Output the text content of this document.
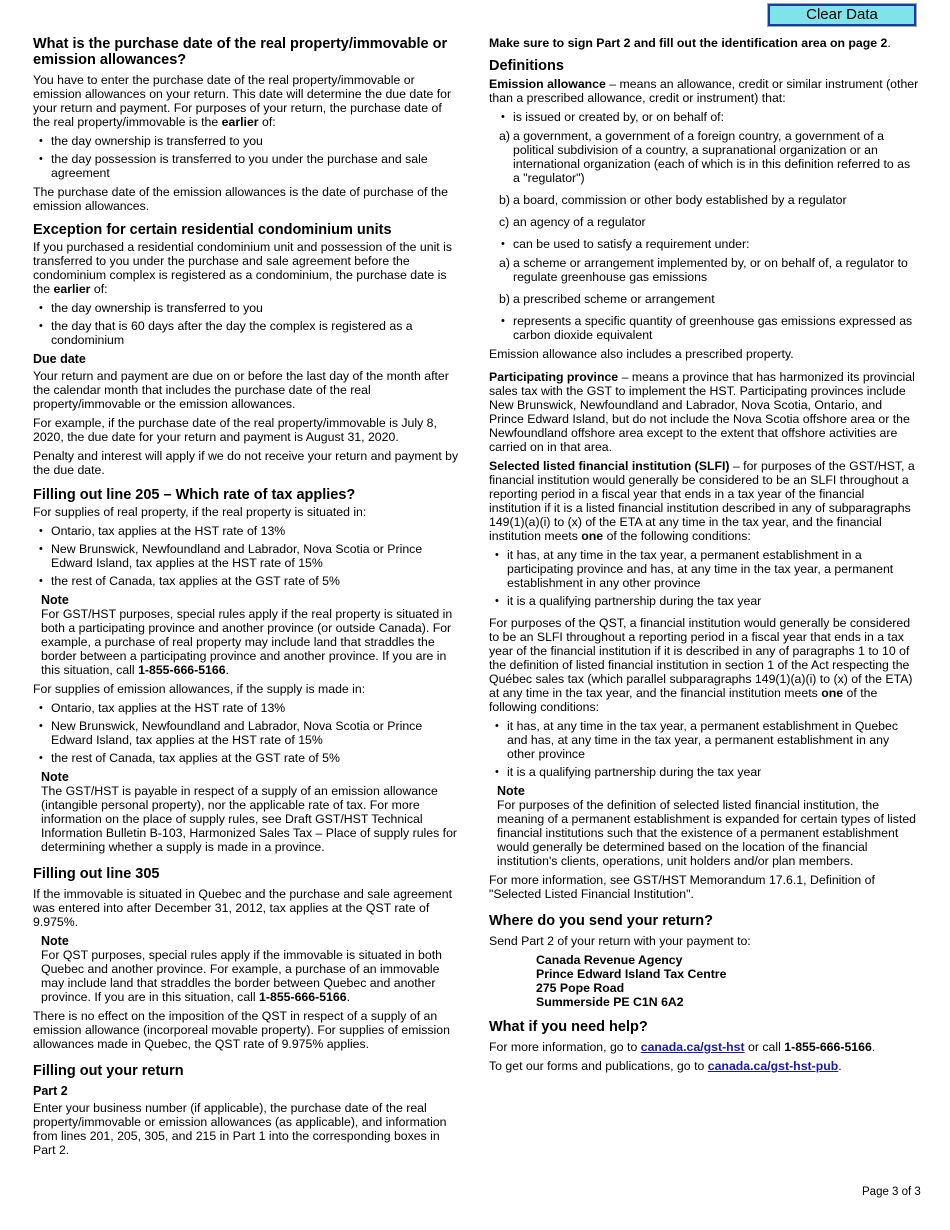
Clear Data
What is the purchase date of the real property/immovable or emission allowances?

You have to enter the purchase date of the real property/immovable or emission allowances on your return. This date will determine the due date for your return and payment. For purposes of your return, the purchase date of the real property/immovable is the earlier of:

• the day ownership is transferred to you
• the day possession is transferred to you under the purchase and sale agreement

The purchase date of the emission allowances is the date of purchase of the emission allowances.

Exception for certain residential condominium units

If you purchased a residential condominium unit and possession of the unit is transferred to you under the purchase and sale agreement before the condominium complex is registered as a condominium, the purchase date is the earlier of:

• the day ownership is transferred to you
• the day that is 60 days after the day the complex is registered as a condominium
Due date

Your return and payment are due on or before the last day of the month after the calendar month that includes the purchase date of the real property/immovable or the emission allowances.

For example, if the purchase date of the real property/immovable is July 8, 2020, the due date for your return and payment is August 31, 2020.

Penalty and interest will apply if we do not receive your return and payment by the due date.

Filling out line 205 – Which rate of tax applies?

For supplies of real property, if the real property is situated in:

• Ontario, tax applies at the HST rate of 13%
• New Brunswick, Newfoundland and Labrador, Nova Scotia or Prince Edward Island, tax applies at the HST rate of 15%
• the rest of Canada, tax applies at the GST rate of 5%
Note
For GST/HST purposes, special rules apply if the real property is situated in both a participating province and another province (or outside Canada). For example, a purchase of real property may include land that straddles the border between a participating province and another province. If you are in this situation, call 1-855-666-5166.

For supplies of emission allowances, if the supply is made in:

• Ontario, tax applies at the HST rate of 13%
• New Brunswick, Newfoundland and Labrador, Nova Scotia or Prince Edward Island, tax applies at the HST rate of 15%
• the rest of Canada, tax applies at the GST rate of 5%
Note
The GST/HST is payable in respect of a supply of an emission allowance (intangible personal property), nor the applicable rate of tax. For more information on the place of supply rules, see Draft GST/HST Technical Information Bulletin B-103, Harmonized Sales Tax – Place of supply rules for determining whether a supply is made in a province.
Filling out line 305

If the immovable is situated in Quebec and the purchase and sale agreement was entered into after December 31, 2012, tax applies at the QST rate of 9.975%.

Note
For QST purposes, special rules apply if the immovable is situated in both Quebec and another province. For example, a purchase of an immovable may include land that straddles the border between Quebec and another province. If you are in this situation, call 1-855-666-5166.

There is no effect on the imposition of the QST in respect of a supply of an emission allowance (incorporeal movable property). For supplies of emission allowances made in Quebec, the QST rate of 9.975% applies.

Filling out your return
Part 2

Enter your business number (if applicable), the purchase date of the real property/immovable or emission allowances (as applicable), and information from lines 201, 205, 305, and 215 in Part 1 into the corresponding boxes in Part 2.

Make sure to sign Part 2 and fill out the identification area on page 2.

Definitions

Emission allowance – means an allowance, credit or similar instrument (other than a prescribed allowance, credit or instrument) that:

• is issued or created by, or on behalf of:
a) a government, a government of a foreign country, a government of a political subdivision of a country, a supranational organization or an international organization (each of which is in this definition referred to as a "regulator")
b) a board, commission or other body established by a regulator
c) an agency of a regulator
• can be used to satisfy a requirement under:
a) a scheme or arrangement implemented by, or on behalf of, a regulator to regulate greenhouse gas emissions
b) a prescribed scheme or arrangement
• represents a specific quantity of greenhouse gas emissions expressed as carbon dioxide equivalent

Emission allowance also includes a prescribed property.

Participating province – means a province that has harmonized its provincial sales tax with the GST to implement the HST. Participating provinces include New Brunswick, Newfoundland and Labrador, Nova Scotia, Ontario, and Prince Edward Island, but do not include the Nova Scotia offshore area or the Newfoundland offshore area except to the extent that offshore activities are carried on in that area.

Selected listed financial institution (SLFI) – for purposes of the GST/HST, a financial institution would generally be considered to be an SLFI throughout a reporting period in a fiscal year that ends in a tax year of the financial institution if it is a listed financial institution described in any of subparagraphs 149(1)(a)(i) to (x) of the ETA at any time in the tax year, and the financial institution meets one of the following conditions:

• it has, at any time in the tax year, a permanent establishment in a participating province and has, at any time in the tax year, a permanent establishment in any other province
• it is a qualifying partnership during the tax year

For purposes of the QST, a financial institution would generally be considered to be an SLFI throughout a reporting period in a fiscal year that ends in a tax year of the financial institution if it is described in any of paragraphs 1 to 10 of the definition of listed financial institution in section 1 of the Act respecting the Québec sales tax (which parallel subparagraphs 149(1)(a)(i) to (x) of the ETA) at any time in the tax year, and the financial institution meets one of the following conditions:

• it has, at any time in the tax year, a permanent establishment in Quebec and has, at any time in the tax year, a permanent establishment in any other province
• it is a qualifying partnership during the tax year
Note
For purposes of the definition of selected listed financial institution, the meaning of a permanent establishment is expanded for certain types of listed financial institutions such that the existence of a permanent establishment would generally be determined based on the location of the financial institution's clients, operations, unit holders and/or plan members.

For more information, see GST/HST Memorandum 17.6.1, Definition of "Selected Listed Financial Institution".

Where do you send your return?

Send Part 2 of your return with your payment to:

Canada Revenue Agency
Prince Edward Island Tax Centre
275 Pope Road
Summerside PE C1N 6A2
What if you need help?

For more information, go to canada.ca/gst-hst or call 1-855-666-5166.

To get our forms and publications, go to canada.ca/gst-hst-pub.

Page 3 of 3
